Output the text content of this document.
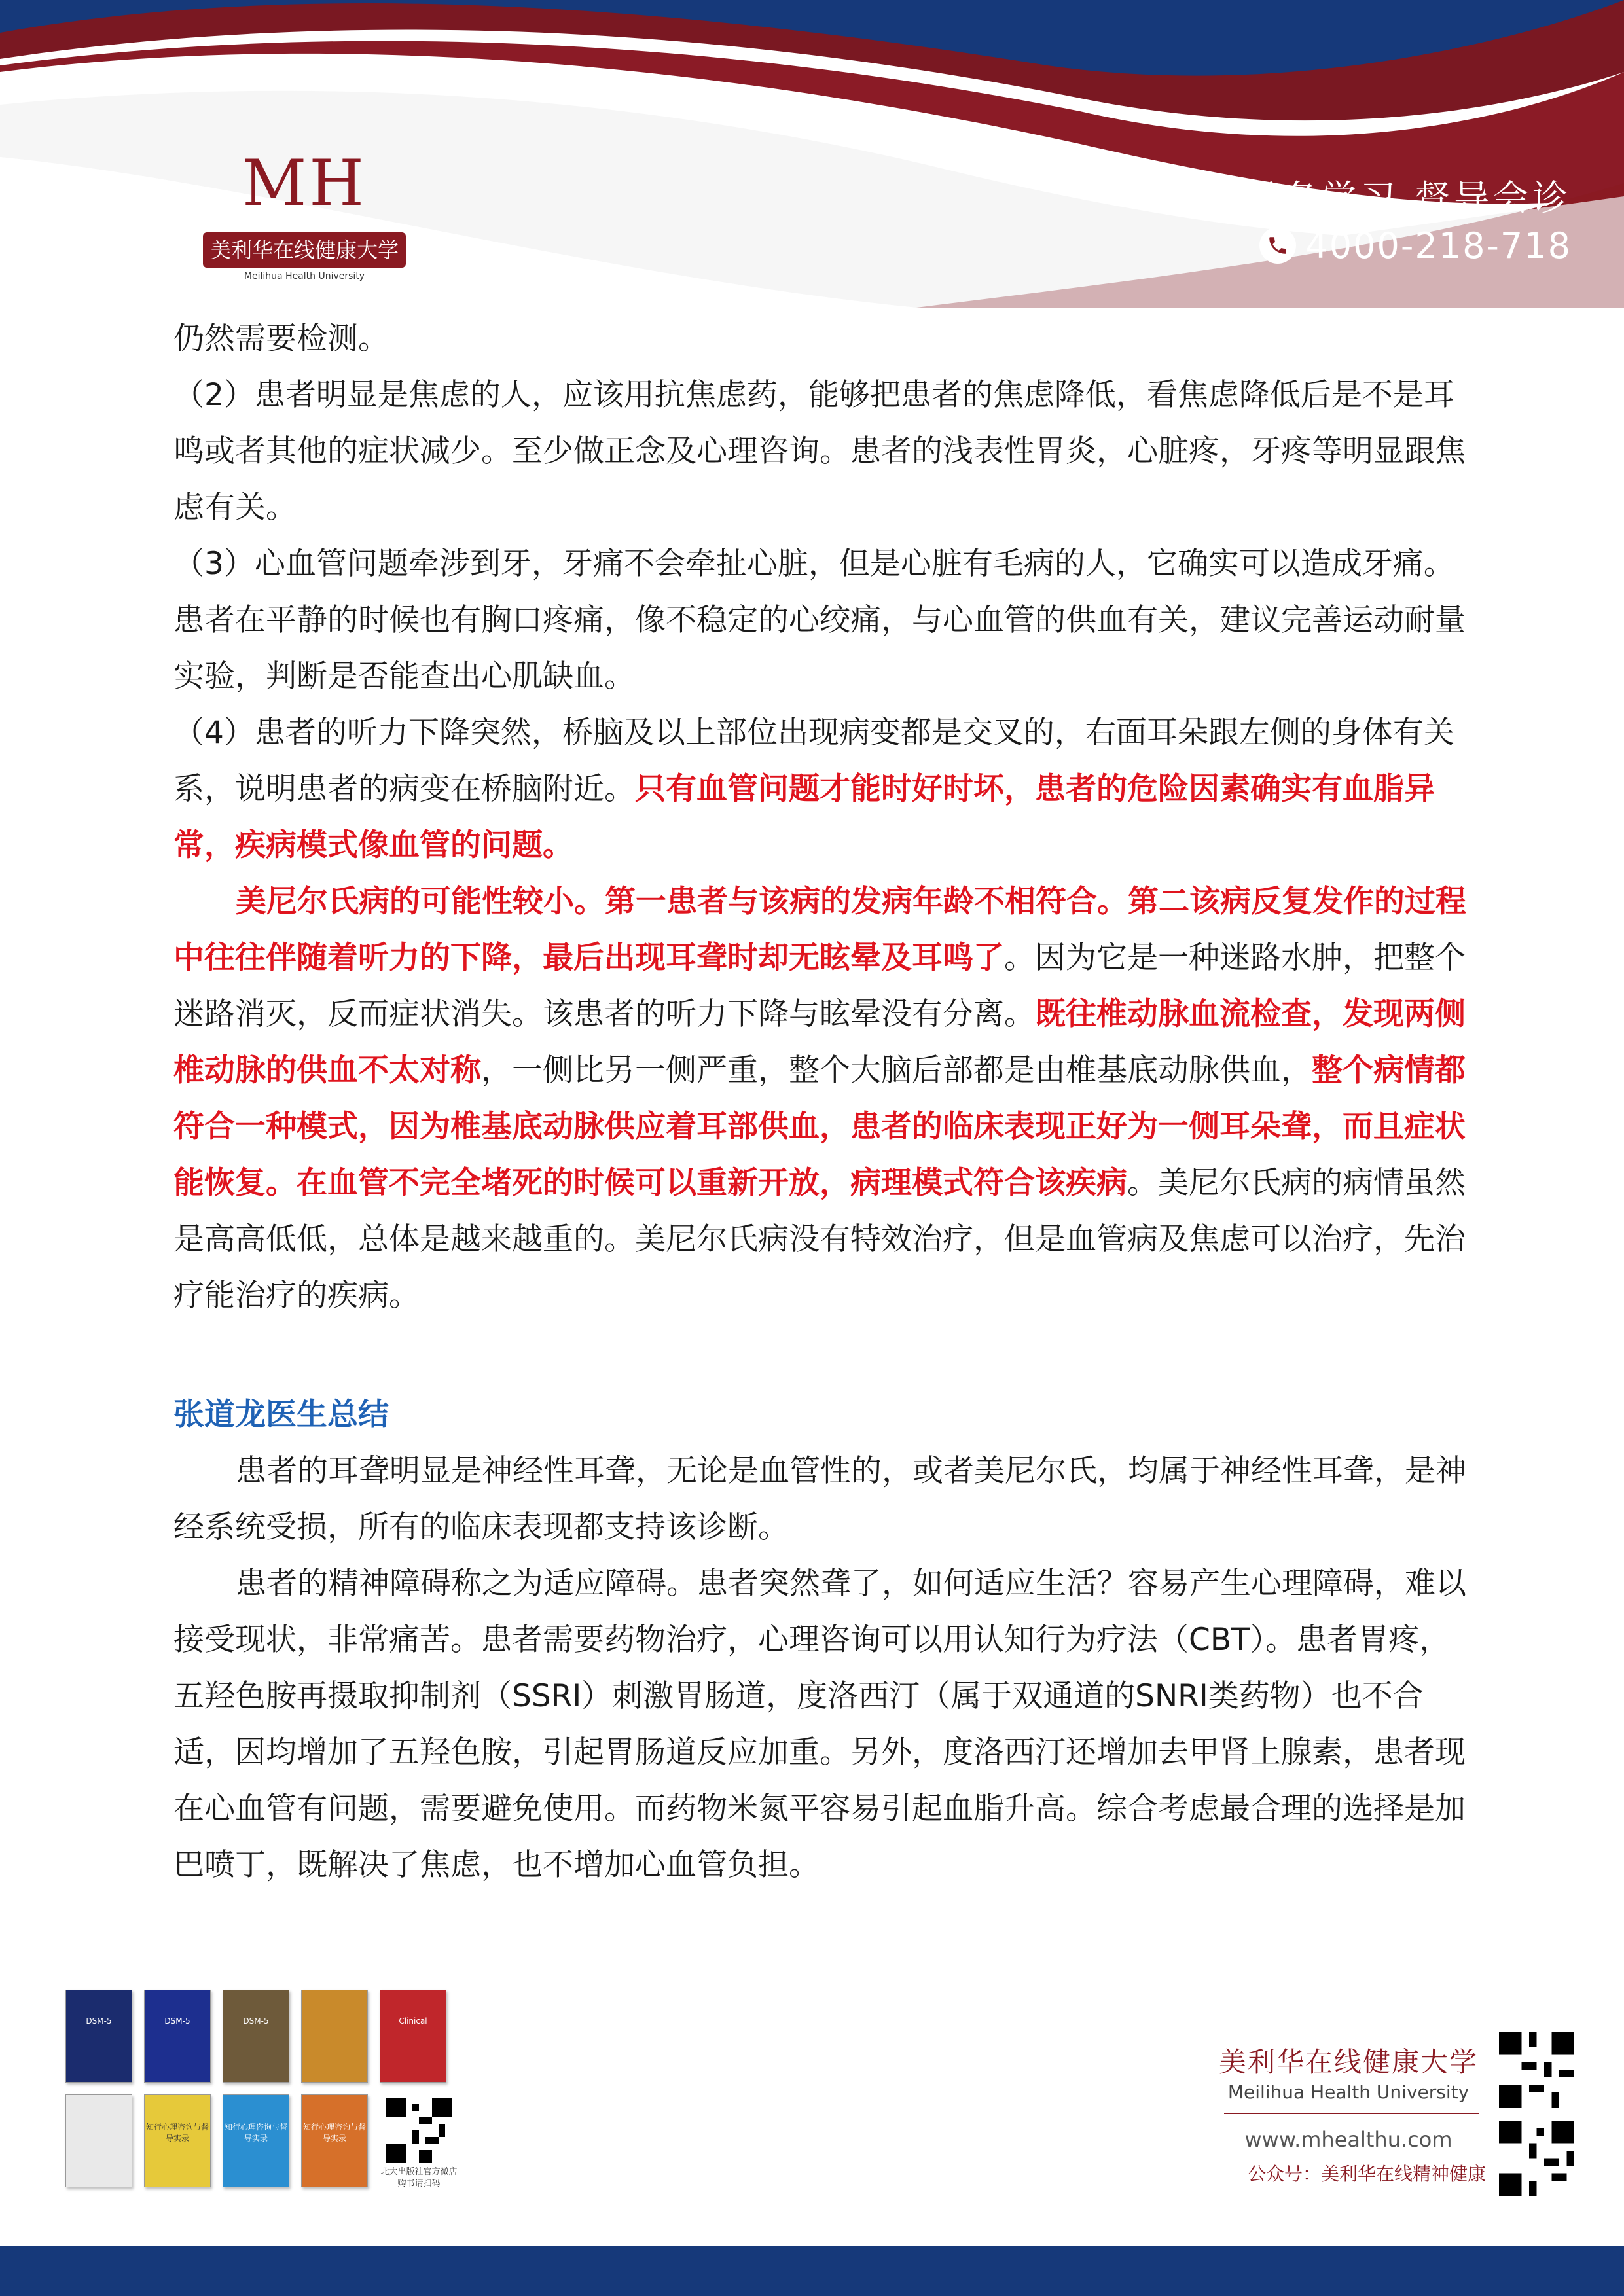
MH
美利华在线健康大学
Meilihua Health University
报名学习 督导会诊
4000-218-718

仍然需要检测。

（2）患者明显是焦虑的人，应该用抗焦虑药，能够把患者的焦虑降低，看焦虑降低后是不是耳鸣或者其他的症状减少。至少做正念及心理咨询。患者的浅表性胃炎，心脏疼，牙疼等明显跟焦虑有关。

（3）心血管问题牵涉到牙，牙痛不会牵扯心脏，但是心脏有毛病的人，它确实可以造成牙痛。患者在平静的时候也有胸口疼痛，像不稳定的心绞痛，与心血管的供血有关，建议完善运动耐量实验，判断是否能查出心肌缺血。

（4）患者的听力下降突然，桥脑及以上部位出现病变都是交叉的，右面耳朵跟左侧的身体有关系，说明患者的病变在桥脑附近。只有血管问题才能时好时坏，患者的危险因素确实有血脂异常，疾病模式像血管的问题。

美尼尔氏病的可能性较小。第一患者与该病的发病年龄不相符合。第二该病反复发作的过程中往往伴随着听力的下降，最后出现耳聋时却无眩晕及耳鸣了。因为它是一种迷路水肿，把整个迷路消灭，反而症状消失。该患者的听力下降与眩晕没有分离。既往椎动脉血流检查，发现两侧椎动脉的供血不太对称，一侧比另一侧严重，整个大脑后部都是由椎基底动脉供血，整个病情都符合一种模式，因为椎基底动脉供应着耳部供血，患者的临床表现正好为一侧耳朵聋，而且症状能恢复。在血管不完全堵死的时候可以重新开放，病理模式符合该疾病。美尼尔氏病的病情虽然是高高低低，总体是越来越重的。美尼尔氏病没有特效治疗，但是血管病及焦虑可以治疗，先治疗能治疗的疾病。

张道龙医生总结

患者的耳聋明显是神经性耳聋，无论是血管性的，或者美尼尔氏，均属于神经性耳聋，是神经系统受损，所有的临床表现都支持该诊断。

患者的精神障碍称之为适应障碍。患者突然聋了，如何适应生活？容易产生心理障碍，难以接受现状，非常痛苦。患者需要药物治疗，心理咨询可以用认知行为疗法（CBT）。患者胃疼，五羟色胺再摄取抑制剂（SSRI）刺激胃肠道，度洛西汀（属于双通道的SNRI类药物）也不合适，因均增加了五羟色胺，引起胃肠道反应加重。另外，度洛西汀还增加去甲肾上腺素，患者现在心血管有问题，需要避免使用。而药物米氮平容易引起血脂升高。综合考虑最合理的选择是加巴喷丁，既解决了焦虑，也不增加心血管负担。

DSM-5	DSM-5	DSM-5	Clinical
知行心理咨询与督导实录
知行心理咨询与督导实录
知行心理咨询与督导实录
北大出版社官方微店
购书请扫码
美利华在线健康大学
Meilihua Health University
www.mhealthu.com
公众号：美利华在线精神健康
